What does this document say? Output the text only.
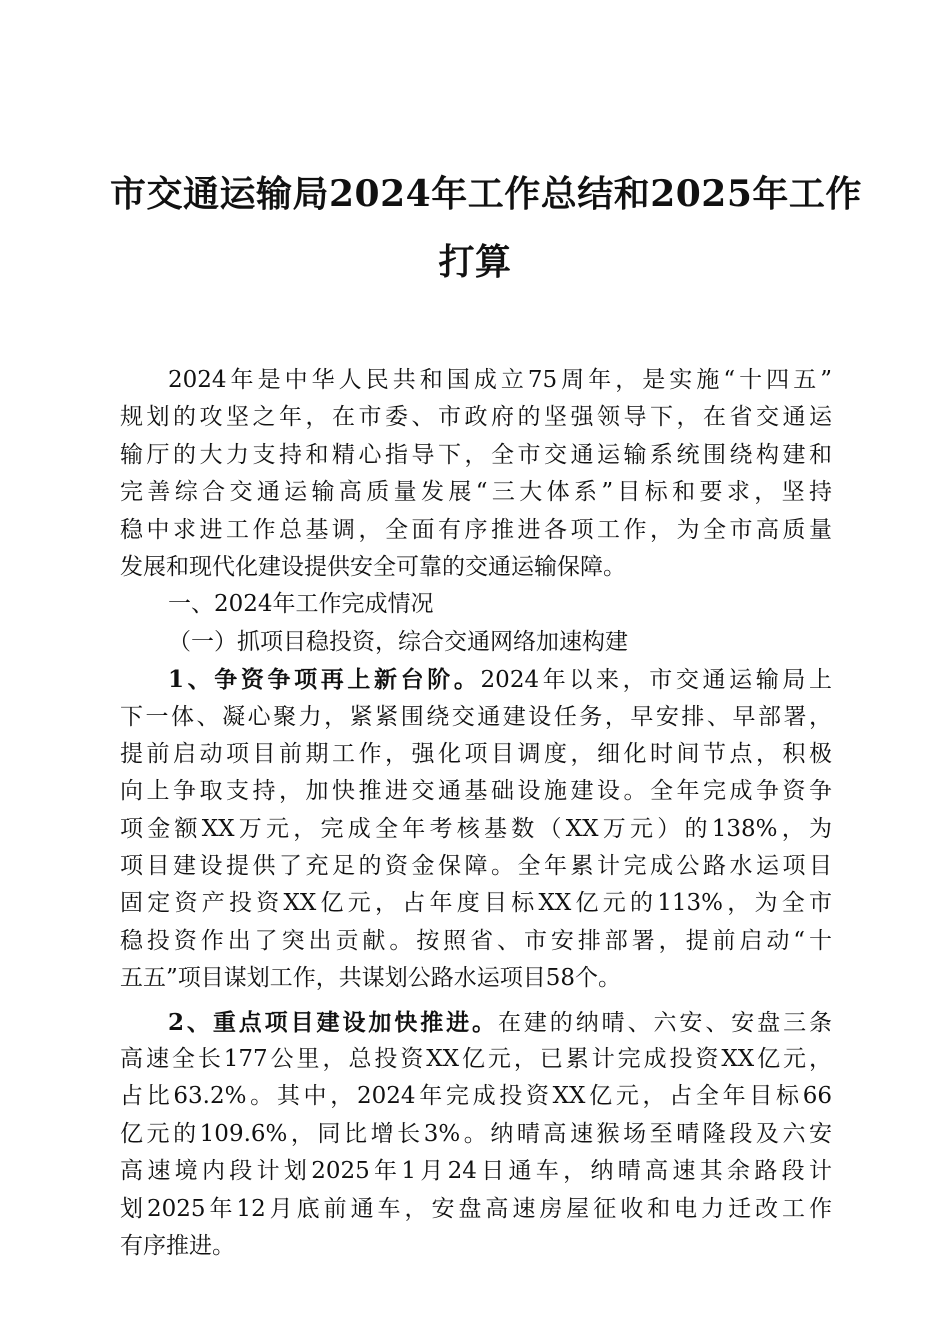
市交通运输局2024年工作总结和2025年工作
打算
2024年是中华人民共和国成立75周年，是实施“十四五”
规划的攻坚之年，在市委、市政府的坚强领导下，在省交通运
输厅的大力支持和精心指导下，全市交通运输系统围绕构建和
完善综合交通运输高质量发展“三大体系”目标和要求，坚持
稳中求进工作总基调，全面有序推进各项工作，为全市高质量
发展和现代化建设提供安全可靠的交通运输保障。
一、2024年工作完成情况
（一）抓项目稳投资，综合交通网络加速构建
1、争资争项再上新台阶。2024年以来，市交通运输局上
下一体、凝心聚力，紧紧围绕交通建设任务，早安排、早部署，
提前启动项目前期工作，强化项目调度，细化时间节点，积极
向上争取支持，加快推进交通基础设施建设。全年完成争资争
项金额XX万元，完成全年考核基数（XX万元）的138%，为
项目建设提供了充足的资金保障。全年累计完成公路水运项目
固定资产投资XX亿元，占年度目标XX亿元的113%，为全市
稳投资作出了突出贡献。按照省、市安排部署，提前启动“十
五五”项目谋划工作，共谋划公路水运项目58个。
2、重点项目建设加快推进。在建的纳晴、六安、安盘三条
高速全长177公里，总投资XX亿元，已累计完成投资XX亿元，
占比63.2%。其中，2024年完成投资XX亿元，占全年目标66
亿元的109.6%，同比增长3%。纳晴高速猴场至晴隆段及六安
高速境内段计划2025年1月24日通车，纳晴高速其余路段计
划2025年12月底前通车，安盘高速房屋征收和电力迁改工作
有序推进。
